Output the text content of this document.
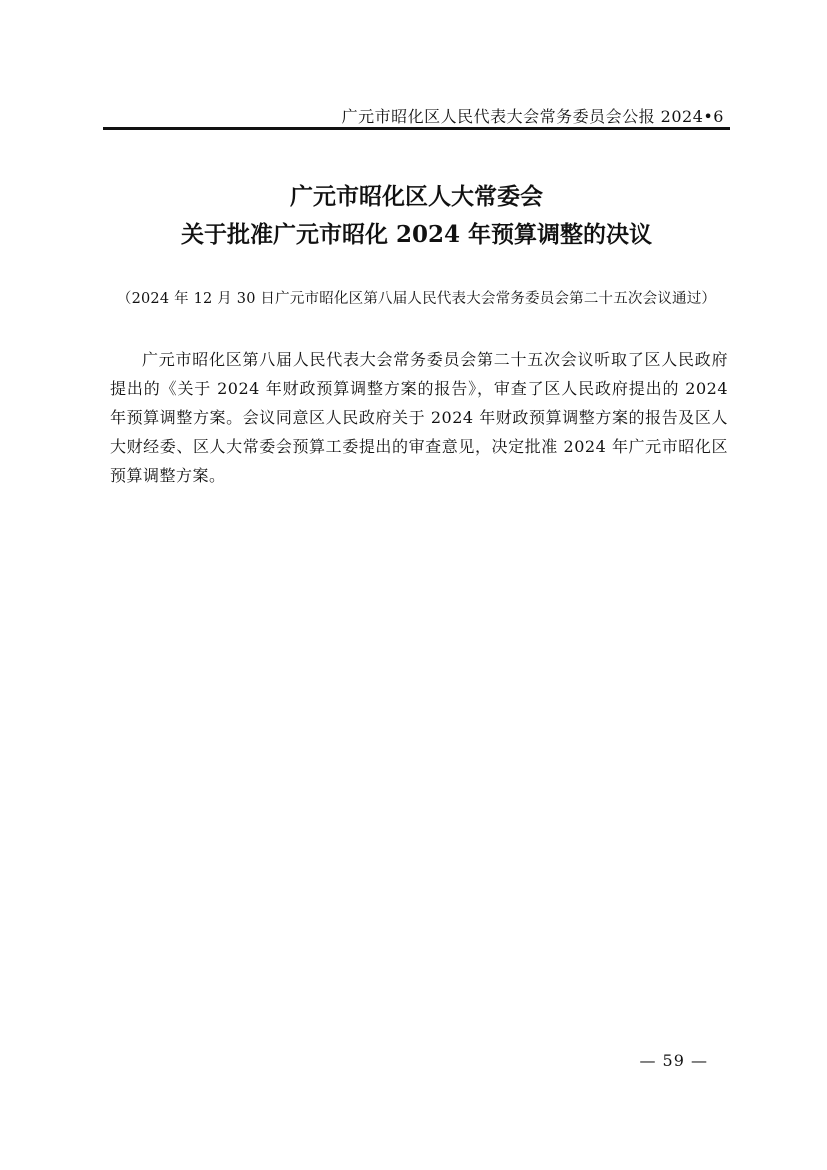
广元市昭化区人民代表大会常务委员会公报 2024•6
广元市昭化区人大常委会
关于批准广元市昭化 2024 年预算调整的决议
（2024 年 12 月 30 日广元市昭化区第八届人民代表大会常务委员会第二十五次会议通过）

广元市昭化区第八届人民代表大会常务委员会第二十五次会议听取了区人民政府提出的《关于 2024 年财政预算调整方案的报告》，审查了区人民政府提出的 2024 年预算调整方案。会议同意区人民政府关于 2024 年财政预算调整方案的报告及区人大财经委、区人大常委会预算工委提出的审查意见，决定批准 2024 年广元市昭化区预算调整方案。

— 59 —
